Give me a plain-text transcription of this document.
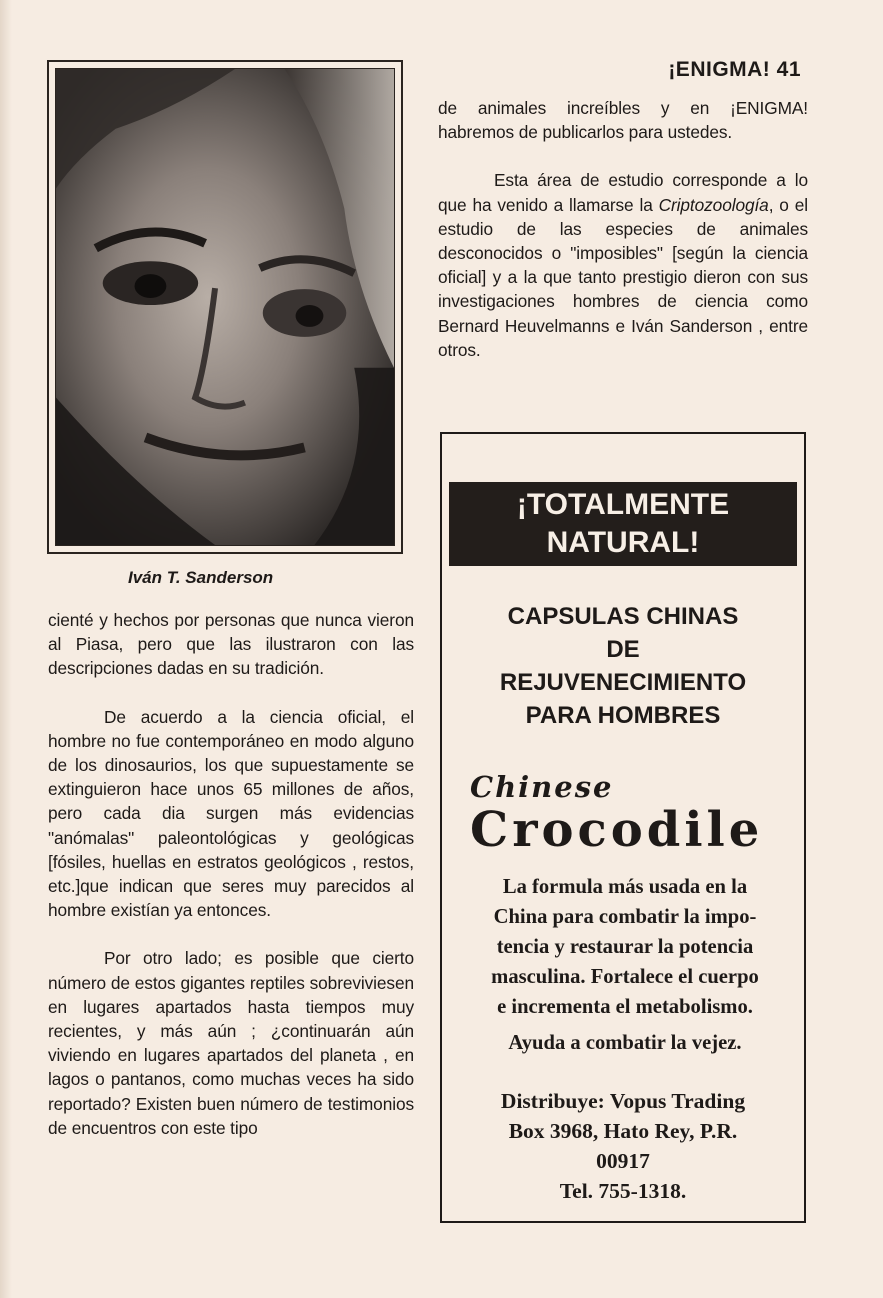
¡ENIGMA! 41
Iván T. Sanderson

cienté y hechos por personas que nunca vieron al Piasa, pero que las ilustraron con las descripciones dadas en su tradición.

De acuerdo a la ciencia oficial, el hombre no fue contemporáneo en modo alguno de los dinosaurios, los que supuestamente se extinguieron hace unos 65 millones de años, pero cada dia surgen más evidencias "anómalas" paleontológicas y geológicas [fósiles, huellas en estratos geológicos , restos, etc.]que indican que seres muy parecidos al hombre existían ya entonces.

Por otro lado; es posible que cierto número de estos gigantes reptiles sobreviviesen en lugares apartados hasta tiempos muy recientes, y más aún ; ¿continuarán aún viviendo en lugares apartados del planeta , en lagos o pantanos, como muchas veces ha sido reportado? Existen buen número de testimonios de encuentros con este tipo

de animales increíbles y en ¡ENIGMA! habremos de publicarlos para ustedes.

Esta área de estudio corresponde a lo que ha venido a llamarse la Criptozoología, o el estudio de las especies de animales desconocidos o "imposibles" [según la ciencia oficial] y a la que tanto prestigio dieron con sus investigaciones hombres de ciencia como Bernard Heuvelmanns e Iván Sanderson , entre otros.

¡TOTALMENTE
NATURAL!
CAPSULAS CHINAS
DE
REJUVENECIMIENTO
PARA HOMBRES
Chinese
Crocodile
La formula más usada en la
China para combatir la impo-
tencia y restaurar la potencia
masculina. Fortalece el cuerpo
e incrementa el metabolismo.
Ayuda a combatir la vejez.
Distribuye: Vopus Trading
Box 3968, Hato Rey, P.R.
00917
Tel. 755-1318.
